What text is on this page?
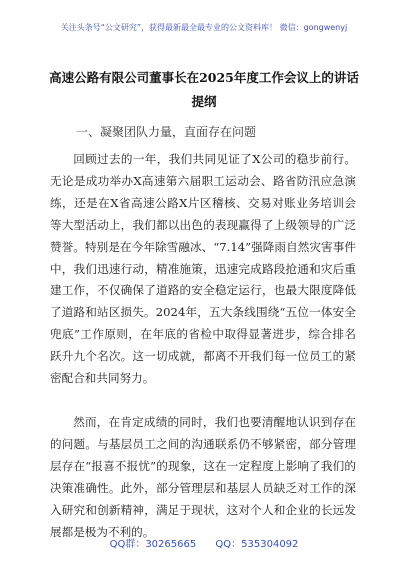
关注头条号“公文研究”，获得最新最全最专业的公文资料库！ 微信：gongwenyj
高速公路有限公司董事长在2025年度工作会议上的讲话提纲
一、凝聚团队力量，直面存在问题

回顾过去的一年，我们共同见证了X公司的稳步前行。无论是成功举办X高速第六届职工运动会、路省防汛应急演练，还是在X省高速公路X片区稽核、交易对账业务培训会等大型活动上，我们都以出色的表现赢得了上级领导的广泛赞誉。特别是在今年除雪融冰、“7.14”强降雨自然灾害事件中，我们迅速行动，精准施策，迅速完成路段抢通和灾后重建工作，不仅确保了道路的安全稳定运行，也最大限度降低了道路和站区损失。2024年，五大条线围绕“五位一体安全兜底”工作原则，在年底的省检中取得显著进步，综合排名跃升九个名次。这一切成就，都离不开我们每一位员工的紧密配合和共同努力。

然而，在肯定成绩的同时，我们也要清醒地认识到存在的问题。与基层员工之间的沟通联系仍不够紧密，部分管理层存在“报喜不报忧”的现象，这在一定程度上影响了我们的决策准确性。此外，部分管理层和基层人员缺乏对工作的深入研究和创新精神，满足于现状，这对个人和企业的长远发展都是极为不利的。

QQ群：30265665 QQ：535304092
